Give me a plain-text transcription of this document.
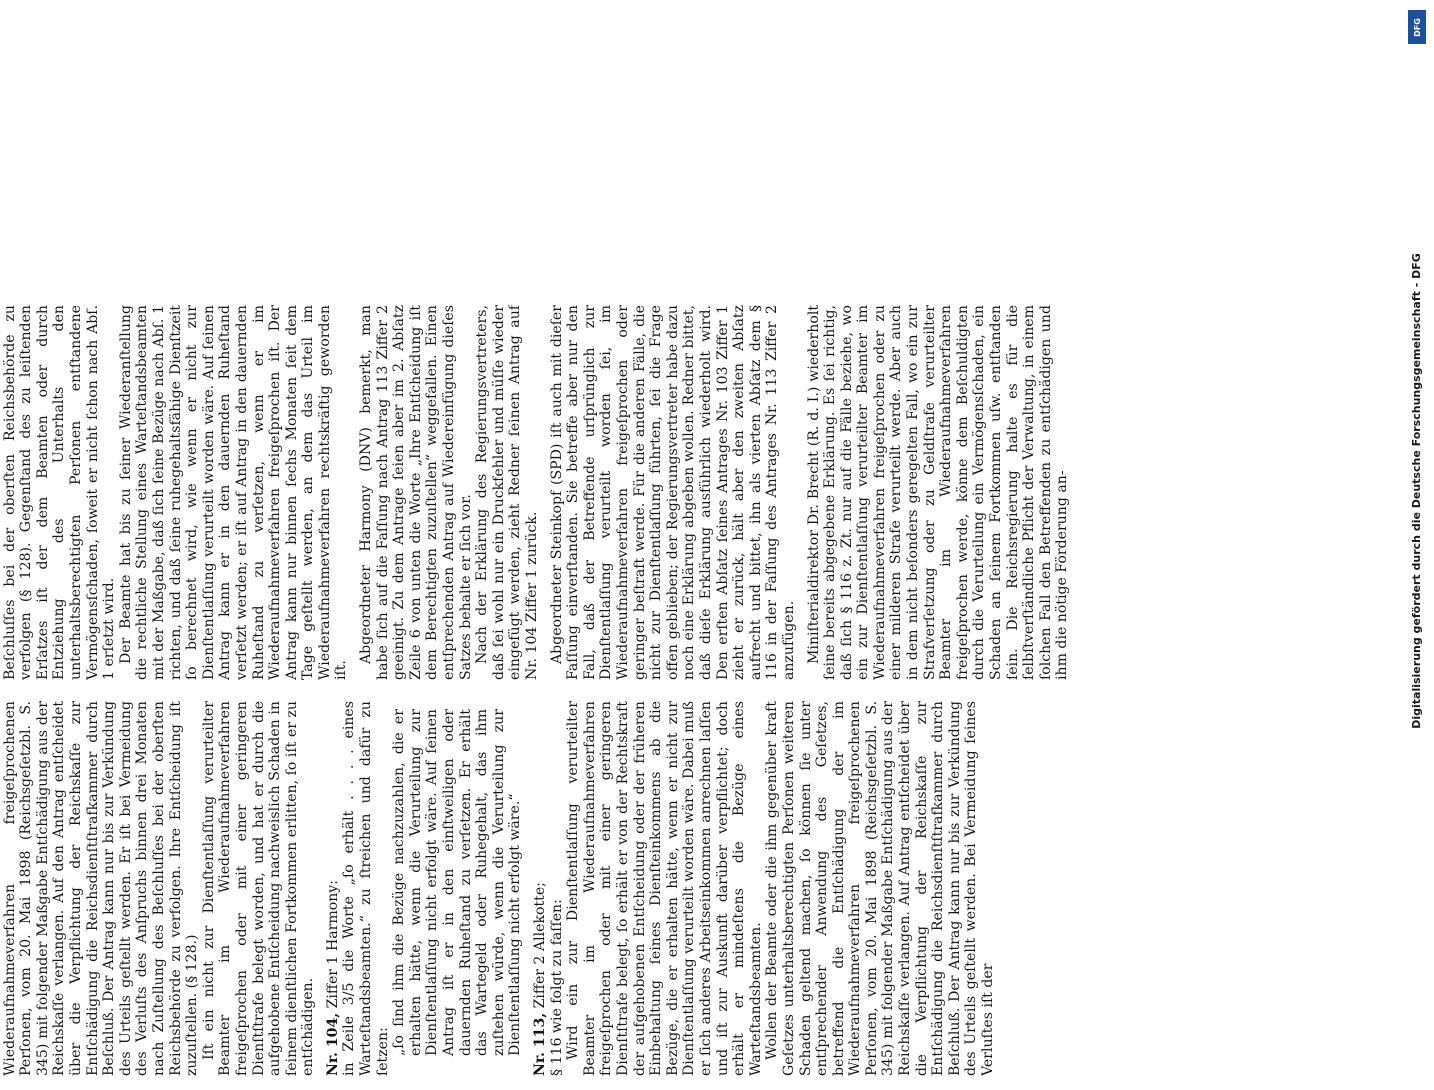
Wiederaufnahmeverfahren freigeſprochenen Perſonen, vom 20. Mai 1898 (Reichsgeſetzbl. S. 345) mit folgender Maßgabe Entſchädigung aus der Reichskaſſe verlangen. Auf den Antrag entſcheidet über die Verpflichtung der Reichskaſſe zur Entſchädigung die Reichsdienſtſtrafkammer durch Beſchluß. Der Antrag kann nur bis zur Verkündung des Urteils geſtellt werden. Er iſt bei Vermeidung des Verluſts des Anſpruchs binnen drei Monaten nach Zuſtellung des Beſchluſſes bei der oberſten Reichsbehörde zu verfolgen. Ihre Entſcheidung iſt zuzuſtellen. (§ 128.) Iſt ein nicht zur Dienſtentlaſſung verurteilter Beamter im Wiederaufnahmeverfahren freigeſprochen oder mit einer geringeren Dienſtſtrafe belegt worden, und hat er durch die aufgehobene Entſcheidung nachweislich Schaden in ſeinem dienſtlichen Fortkommen erlitten, ſo iſt er zu entſchädigen. Nr. 104, Ziffer 1 Harmony: in Zeile 3/5 die Worte „ſo erhält . . . . eines Warteſtandsbeamten.“ zu ſtreichen und dafür zu ſetzen: „ſo ſind ihm die Bezüge nachzuzahlen, die er erhalten hätte, wenn die Verurteilung zur Dienſtentlaſſung nicht erfolgt wäre. Auf ſeinen Antrag iſt er in den einſtweiligen oder dauernden Ruheſtand zu verſetzen. Er erhält das Wartegeld oder Ruhegehalt, das ihm zuſtehen würde, wenn die Verurteilung zur Dienſtentlaſſung nicht erfolgt wäre.“ Nr. 113, Ziffer 2 Allekotte; § 116 wie folgt zu faſſen: Wird ein zur Dienſtentlaſſung verurteilter Beamter im Wiederaufnahmeverfahren freigeſprochen oder mit einer geringeren Dienſtſtrafe belegt, ſo erhält er von der Rechtskraft der aufgehobenen Entſcheidung oder der früheren Einbehaltung ſeines Dienſteinkommens ab die Bezüge, die er erhalten hätte, wenn er nicht zur Dienſtentlaſſung verurteilt worden wäre. Dabei muß er ſich anderes Arbeitseinkommen anrechnen laſſen und iſt zur Auskunft darüber verpflichtet; doch erhält er mindeſtens die Bezüge eines Warteſtandsbeamten. Wollen der Beamte oder die ihm gegenüber kraft Geſetzes unterhaltsberechtigten Perſonen weiteren Schaden geltend machen, ſo können ſie unter entſprechender Anwendung des Geſetzes, betreffend die Entſchädigung der im Wiederaufnahmeverfahren freigeſprochenen Perſonen, vom 20. Mai 1898 (Reichsgeſetzbl. S. 345) mit folgender Maßgabe Entſchädigung aus der Reichskaſſe verlangen. Auf Antrag entſcheidet über die Verpflichtung der Reichskaſſe zur Entſchädigung die Reichsdienſtſtrafkammer durch Beſchluß. Der Antrag kann nur bis zur Verkündung des Urteils geſtellt werden. Bei Vermeidung ſeines Verluſtes iſt der

Beſchluſſes bei der oberſten Reichsbehörde zu verfolgen (§ 128). Gegenſtand des zu leiſtenden Erſatzes iſt der dem Beamten oder durch Entziehung des Unterhalts den unterhaltsberechtigten Perſonen entſtandene Vermögensſchaden, ſoweit er nicht ſchon nach Abſ. 1 erſetzt wird. Der Beamte hat bis zu ſeiner Wiederanſtellung die rechtliche Stellung eines Warteſtandsbeamten mit der Maßgabe, daß ſich ſeine Bezüge nach Abſ. 1 richten, und daß ſeine ruhegehaltsfähige Dienſtzeit ſo berechnet wird, wie wenn er nicht zur Dienſtentlaſſung verurteilt worden wäre. Auf ſeinen Antrag kann er in den dauernden Ruheſtand verſetzt werden; er iſt auf Antrag in den dauernden Ruheſtand zu verſetzen, wenn er im Wiederaufnahmeverfahren freigeſprochen iſt. Der Antrag kann nur binnen ſechs Monaten ſeit dem Tage geſtellt werden, an dem das Urteil im Wiederaufnahmeverfahren rechtskräftig geworden iſt.

Abgeordneter Harmony (DNV) bemerkt, man habe ſich auf die Faſſung nach Antrag 113 Ziffer 2 geeinigt. Zu dem Antrage ſeien aber im 2. Abſatz Zeile 6 von unten die Worte „Ihre Entſcheidung iſt dem Berechtigten zuzuſtellen“ weggefallen. Einen entſprechenden Antrag auf Wiedereinfügung dieſes Satzes behalte er ſich vor. Nach der Erklärung des Regierungsvertreters, daß ſei wohl nur ein Druckfehler und müſſe wieder eingefügt werden, zieht Redner ſeinen Antrag auf Nr. 104 Ziffer 1 zurück. Abgeordneter Steinkopf (SPD) iſt auch mit dieſer Faſſung einverſtanden. Sie betreffe aber nur den Fall, daß der Betreffende urſprünglich zur Dienſtentlaſſung verurteilt worden ſei, im Wiederaufnahmeverfahren freigeſprochen oder geringer beſtraft werde. Für die anderen Fälle, die nicht zur Dienſtentlaſſung führten, ſei die Frage offen geblieben; der Regierungsvertreter habe dazu noch eine Erklärung abgeben wollen. Redner bittet, daß dieſe Erklärung ausführlich wiederholt wird. Den erſten Abſatz ſeines Antrages Nr. 103 Ziffer 1 zieht er zurück, hält aber den zweiten Abſatz aufrecht und bittet, ihn als vierten Abſatz dem § 116 in der Faſſung des Antrages Nr. 113 Ziffer 2 anzufügen. Miniſterialdirektor Dr. Brecht (R. d. I.) wiederholt ſeine bereits abgegebene Erklärung. Es ſei richtig, daß ſich § 116 z. Zt. nur auf die Fälle beziehe, wo ein zur Dienſtentlaſſung verurteilter Beamter im Wiederaufnahmeverfahren freigeſprochen oder zu einer milderen Strafe verurteilt werde. Aber auch in dem nicht beſonders geregelten Fall, wo ein zur Strafverſetzung oder zu Geldſtrafe verurteilter Beamter im Wiederaufnahmeverfahren freigeſprochen werde, könne dem Beſchuldigten durch die Verurteilung ein Vermögensſchaden, ein Schaden an ſeinem Fortkommen uſw. entſtanden ſein. Die Reichsregierung halte es für die ſelbſtverſtändliche Pflicht der Verwaltung, in einem ſolchen Fall den Betreffenden zu entſchädigen und ihm die nötige Förderung an-	Digitalisierung gefördert durch die Deutsche Forschungsgemeinschaft - DFG
DFG
